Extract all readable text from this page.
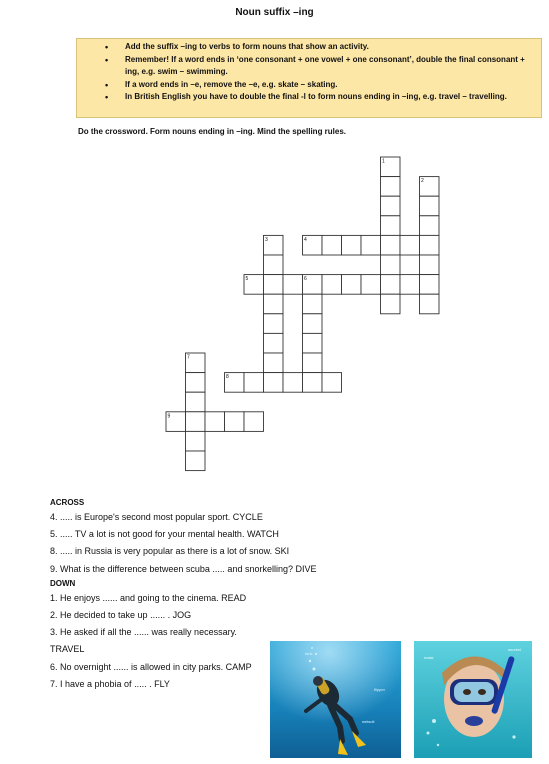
Noun suffix –ing
• Add the suffix –ing to verbs to form nouns that show an activity.
• Remember! If a word ends in ‘one consonant + one vowel + one consonant’, double the final consonant + ing, e.g. swim – swimming.
• If a word ends in –e, remove the –e, e.g. skate – skating.
• In British English you have to double the final -l to form nouns ending in –ing, e.g. travel – travelling.
Do the crossword. Form nouns ending in –ing. Mind the spelling rules.
1
2
3	4
5	6
7
8
9

ACROSS

4. ..... is Europe's second most popular sport. CYCLE

5. ..... TV a lot is not good for your mental health. WATCH

8. ..... in Russia is very popular as there is a lot of snow. SKI

9. What is the difference between scuba ..... and snorkelling? DIVE

DOWN

1. He enjoys ...... and going to the cinema. READ

2. He decided to take up ...... . JOG

3. He asked if all the ...... was really necessary. TRAVEL

6. No overnight ...... is allowed in city parks. CAMP

7. I have a phobia of ..... . FLY

tank
flipper
wetsuit
mask
snorkel
